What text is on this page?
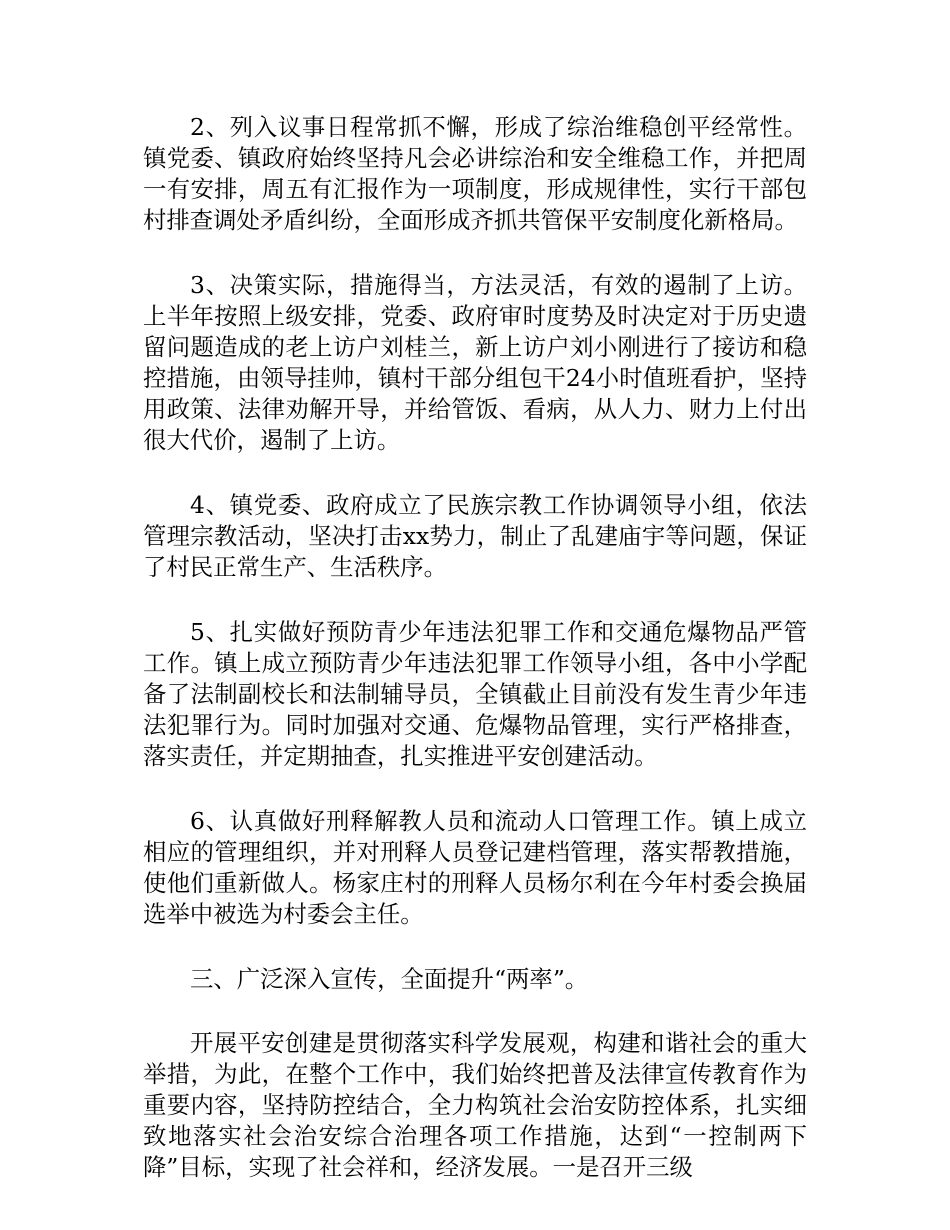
2、列入议事日程常抓不懈，形成了综治维稳创平经常性。镇党委、镇政府始终坚持凡会必讲综治和安全维稳工作，并把周一有安排，周五有汇报作为一项制度，形成规律性，实行干部包村排查调处矛盾纠纷，全面形成齐抓共管保平安制度化新格局。

3、决策实际，措施得当，方法灵活，有效的遏制了上访。上半年按照上级安排，党委、政府审时度势及时决定对于历史遗留问题造成的老上访户刘桂兰，新上访户刘小刚进行了接访和稳控措施，由领导挂帅，镇村干部分组包干24小时值班看护，坚持用政策、法律劝解开导，并给管饭、看病，从人力、财力上付出很大代价，遏制了上访。

4、镇党委、政府成立了民族宗教工作协调领导小组，依法管理宗教活动，坚决打击xx势力，制止了乱建庙宇等问题，保证了村民正常生产、生活秩序。

5、扎实做好预防青少年违法犯罪工作和交通危爆物品严管工作。镇上成立预防青少年违法犯罪工作领导小组，各中小学配备了法制副校长和法制辅导员，全镇截止目前没有发生青少年违法犯罪行为。同时加强对交通、危爆物品管理，实行严格排查，落实责任，并定期抽查，扎实推进平安创建活动。

6、认真做好刑释解教人员和流动人口管理工作。镇上成立相应的管理组织，并对刑释人员登记建档管理，落实帮教措施，使他们重新做人。杨家庄村的刑释人员杨尔利在今年村委会换届选举中被选为村委会主任。

三、广泛深入宣传，全面提升“两率”。

开展平安创建是贯彻落实科学发展观，构建和谐社会的重大举措，为此，在整个工作中，我们始终把普及法律宣传教育作为重要内容，坚持防控结合，全力构筑社会治安防控体系，扎实细致地落实社会治安综合治理各项工作措施，达到“一控制两下降”目标，实现了社会祥和，经济发展。一是召开三级
